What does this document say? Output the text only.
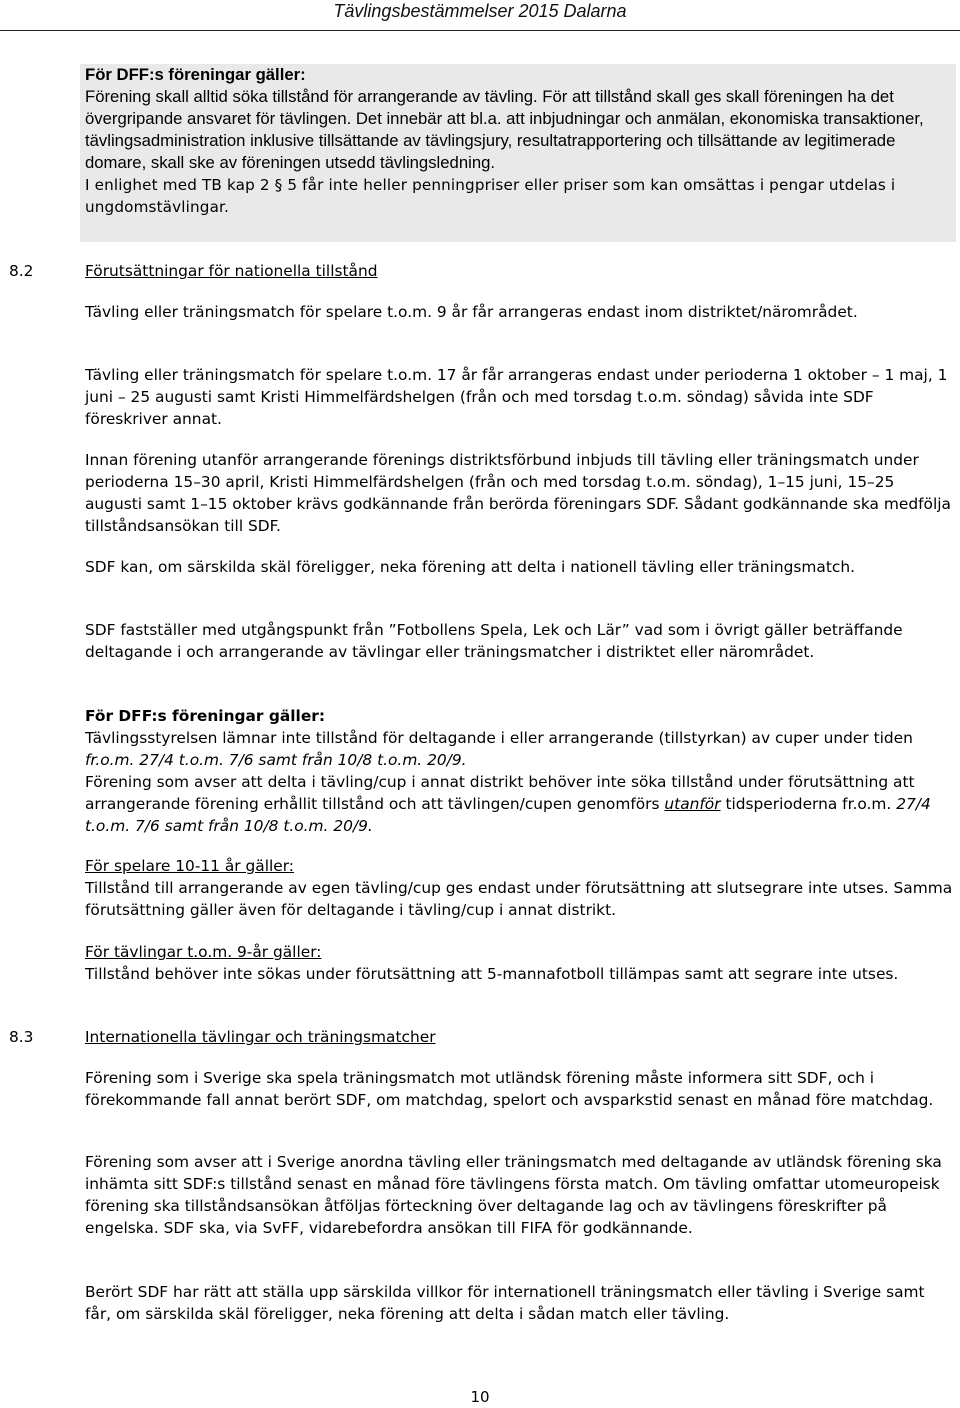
Tävlingsbestämmelser 2015 Dalarna

För DFF:s föreningar gäller:

Förening skall alltid söka tillstånd för arrangerande av tävling. För att tillstånd skall ges skall föreningen ha det övergripande ansvaret för tävlingen. Det innebär att bl.a. att inbjudningar och anmälan, ekonomiska transaktioner, tävlingsadministration inklusive tillsättande av tävlingsjury, resultatrapportering och tillsättande av legitimerade domare, skall ske av föreningen utsedd tävlingsledning.

I enlighet med TB kap 2 § 5 får inte heller penningpriser eller priser som kan omsättas i pengar utdelas i ungdomstävlingar.

8.2	Förutsättningar för nationella tillstånd

Tävling eller träningsmatch för spelare t.o.m. 9 år får arrangeras endast inom distriktet/närområdet.

Tävling eller träningsmatch för spelare t.o.m. 17 år får arrangeras endast under perioderna 1 oktober – 1 maj, 1 juni – 25 augusti samt Kristi Himmelfärdshelgen (från och med torsdag t.o.m. söndag) såvida inte SDF föreskriver annat.

Innan förening utanför arrangerande förenings distriktsförbund inbjuds till tävling eller träningsmatch under perioderna 15–30 april, Kristi Himmelfärdshelgen (från och med torsdag t.o.m. söndag), 1–15 juni, 15–25 augusti samt 1–15 oktober krävs godkännande från berörda föreningars SDF. Sådant godkännande ska medfölja tillståndsansökan till SDF.

SDF kan, om särskilda skäl föreligger, neka förening att delta i nationell tävling eller träningsmatch.

SDF fastställer med utgångspunkt från ”Fotbollens Spela, Lek och Lär” vad som i övrigt gäller beträffande deltagande i och arrangerande av tävlingar eller träningsmatcher i distriktet eller närområdet.

För DFF:s föreningar gäller:

Tävlingsstyrelsen lämnar inte tillstånd för deltagande i eller arrangerande (tillstyrkan) av cuper under tiden fr.o.m. 27/4 t.o.m. 7/6 samt från 10/8 t.o.m. 20/9.

Förening som avser att delta i tävling/cup i annat distrikt behöver inte söka tillstånd under förutsättning att arrangerande förening erhållit tillstånd och att tävlingen/cupen genomförs utanför tidsperioderna fr.o.m. 27/4 t.o.m. 7/6 samt från 10/8 t.o.m. 20/9.

För spelare 10-11 år gäller:

Tillstånd till arrangerande av egen tävling/cup ges endast under förutsättning att slutsegrare inte utses. Samma förutsättning gäller även för deltagande i tävling/cup i annat distrikt.

För tävlingar t.o.m. 9-år gäller:

Tillstånd behöver inte sökas under förutsättning att 5-mannafotboll tillämpas samt att segrare inte utses.

8.3	Internationella tävlingar och träningsmatcher

Förening som i Sverige ska spela träningsmatch mot utländsk förening måste informera sitt SDF, och i förekommande fall annat berört SDF, om matchdag, spelort och avsparkstid senast en månad före matchdag.

Förening som avser att i Sverige anordna tävling eller träningsmatch med deltagande av utländsk förening ska inhämta sitt SDF:s tillstånd senast en månad före tävlingens första match. Om tävling omfattar utomeuropeisk förening ska tillståndsansökan åtföljas förteckning över deltagande lag och av tävlingens föreskrifter på engelska. SDF ska, via SvFF, vidarebefordra ansökan till FIFA för godkännande.

Berört SDF har rätt att ställa upp särskilda villkor för internationell träningsmatch eller tävling i Sverige samt får, om särskilda skäl föreligger, neka förening att delta i sådan match eller tävling.

10
